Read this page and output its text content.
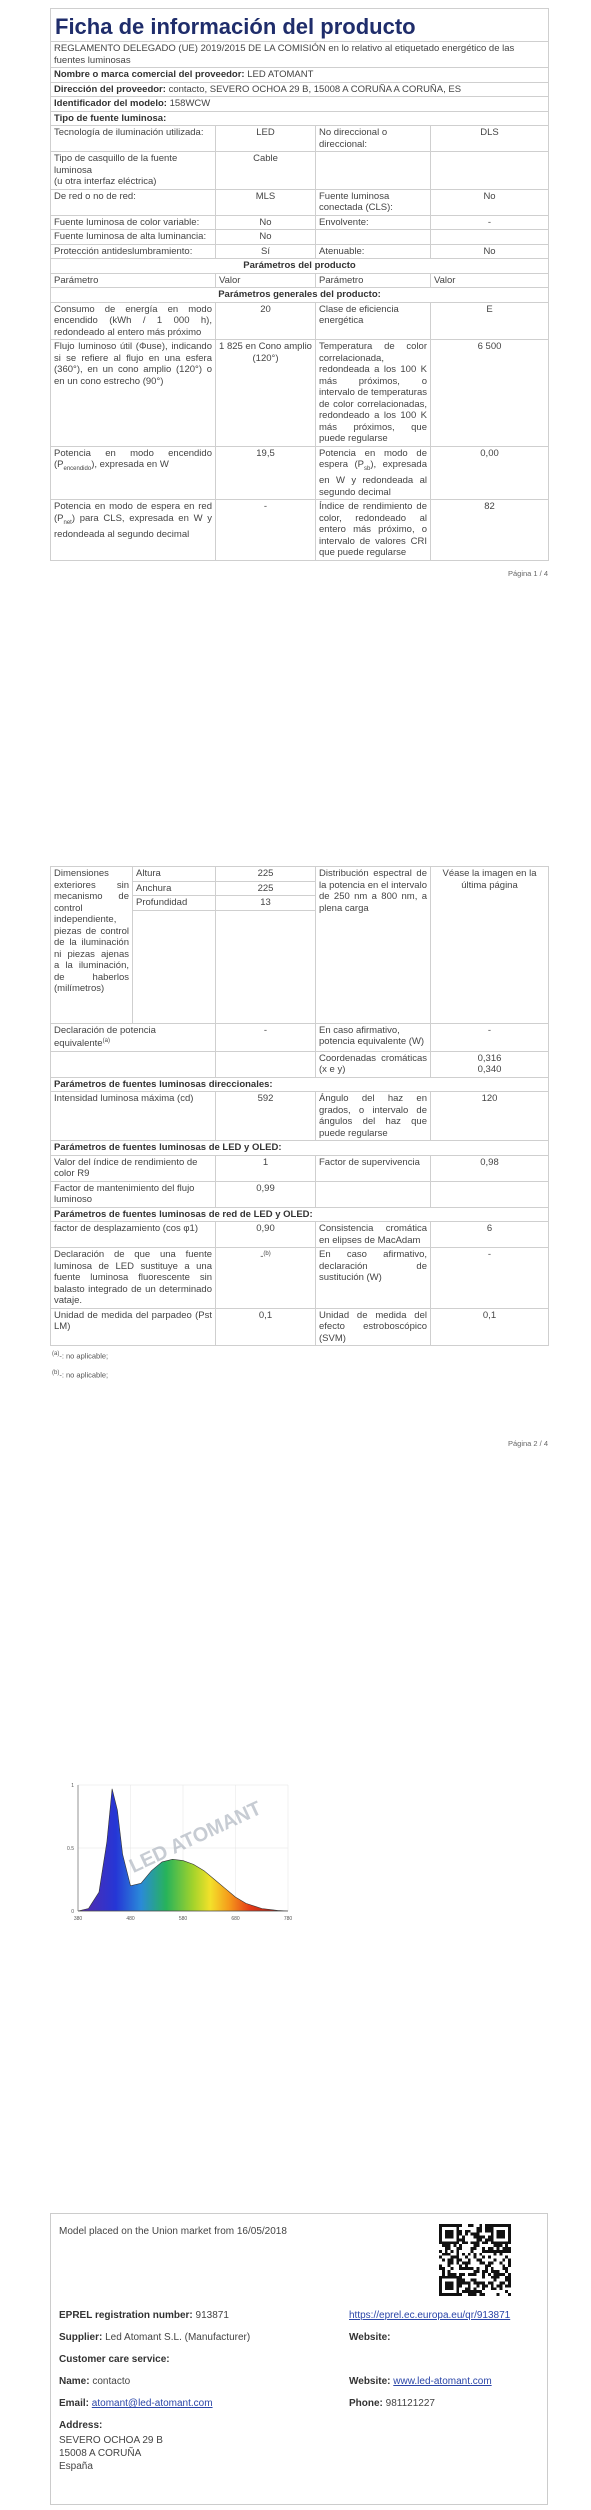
Ficha de información del producto			

REGLAMENTO DELEGADO (UE) 2019/2015 DE LA COMISIÓN en lo relativo al etiquetado energético de las fuentes luminosas			
Nombre o marca comercial del proveedor: LED ATOMANT			
Dirección del proveedor: contacto, SEVERO OCHOA 29 B, 15008 A CORUÑA A CORUÑA, ES			
Identificador del modelo: 158WCW			
Tipo de fuente luminosa:			
Tecnología de iluminación utilizada:	LED	No direccional o direccional:	DLS
Tipo de casquillo de la fuente luminosa
(u otra interfaz eléctrica)	Cable		
De red o no de red:	MLS	Fuente luminosa conectada (CLS):	No
Fuente luminosa de color variable:	No	Envolvente:	-
Fuente luminosa de alta luminancia:	No		
Protección antideslumbramiento:	Sí	Atenuable:	No
Parámetros del producto			
Parámetro	Valor	Parámetro	Valor
Parámetros generales del producto:			
Consumo de energía en modo encendido (kWh / 1 000 h), redondeado al entero más próximo	20	Clase de eficiencia energética	E
Flujo luminoso útil (Φuse), indicando si se refiere al flujo en una esfera (360°), en un cono amplio (120°) o en un cono estrecho (90°)	1 825 en Cono amplio (120°)	Temperatura de color correlacionada, redondeada a los 100 K más próximos, o intervalo de temperaturas de color correlacionadas, redondeado a los 100 K más próximos, que puede regularse	6 500
Potencia en modo encendido $(P_{encendido})$, expresada en W	19,5	Potencia en modo de espera $(P_{sb})$, expresada en W y redondeada al segundo decimal	0,00
Potencia en modo de espera en red $(P_{net})$ para CLS, expresada en W y redondeada al segundo decimal	-	Índice de rendimiento de color, redondeado al entero más próximo, o intervalo de valores CRI que puede regularse	82
Página 1 / 4
Dimensiones exteriores sin mecanismo de control independiente, piezas de control de la iluminación ni piezas ajenas a la iluminación, de haberlos (milímetros)	Altura	225	Distribución espectral de la potencia en el intervalo de 250 nm a 800 nm, a plena carga	Véase la imagen en la última página
	Anchura	225		
	Profundidad	13		

Declaración de potencia equivalente$^{(a)}$		-	En caso afirmativo, potencia equivalente (W)	-
			Coordenadas cromáticas (x e y)	0,316
0,340
Parámetros de fuentes luminosas direccionales:				
Intensidad luminosa máxima (cd)		592	Ángulo del haz en grados, o intervalo de ángulos del haz que puede regularse	120
Parámetros de fuentes luminosas de LED y OLED:				
Valor del índice de rendimiento de color R9		1	Factor de supervivencia	0,98
Factor de mantenimiento del flujo luminoso		0,99		
Parámetros de fuentes luminosas de red de LED y OLED:				
factor de desplazamiento (cos φ1)		0,90	Consistencia cromática en elipses de MacAdam	6
Declaración de que una fuente luminosa de LED sustituye a una fuente luminosa fluorescente sin balasto integrado de un determinado vataje.		-$^{(b)}$	En caso afirmativo, declaración de sustitución (W)	-
Unidad de medida del parpadeo (Pst LM)		0,1	Unidad de medida del efecto estroboscópico (SVM)	0,1
$^{(a)}$-: no aplicable;
$^{(b)}$-: no aplicable;
Página 2 / 4
380	480	580	680	780
0
0.5
1
LED ATOMANT
Model placed on the Union market from 16/05/2018
EPREL registration number: 913871	https://eprel.ec.europa.eu/qr/913871
Supplier: Led Atomant S.L. (Manufacturer)	Website:
Customer care service:
Name: contacto	Website: www.led-atomant.com
Email: atomant@led-atomant.com	Phone: 981121227
Address:
SEVERO OCHOA 29 B
15008 A CORUÑA
España
